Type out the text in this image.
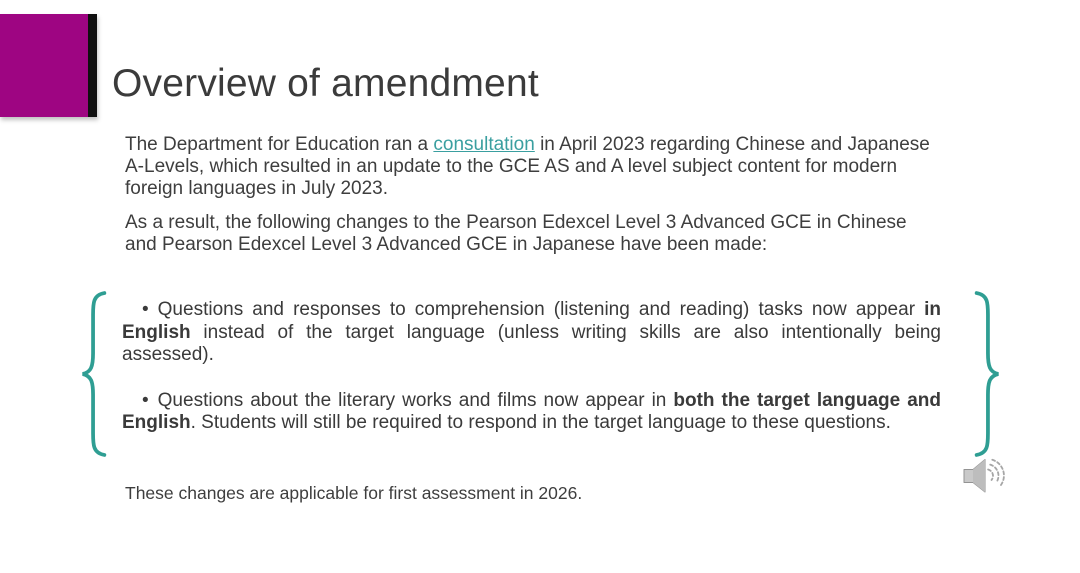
Overview of amendment

The Department for Education ran a consultation in April 2023 regarding Chinese and Japanese A-Levels, which resulted in an update to the GCE AS and A level subject content for modern foreign languages in July 2023.

As a result, the following changes to the Pearson Edexcel Level 3 Advanced GCE in Chinese and Pearson Edexcel Level 3 Advanced GCE in Japanese have been made:

• Questions and responses to comprehension (listening and reading) tasks now appear in English instead of the target language (unless writing skills are also intentionally being assessed).

• Questions about the literary works and films now appear in both the target language and English. Students will still be required to respond in the target language to these questions.

These changes are applicable for first assessment in 2026.
